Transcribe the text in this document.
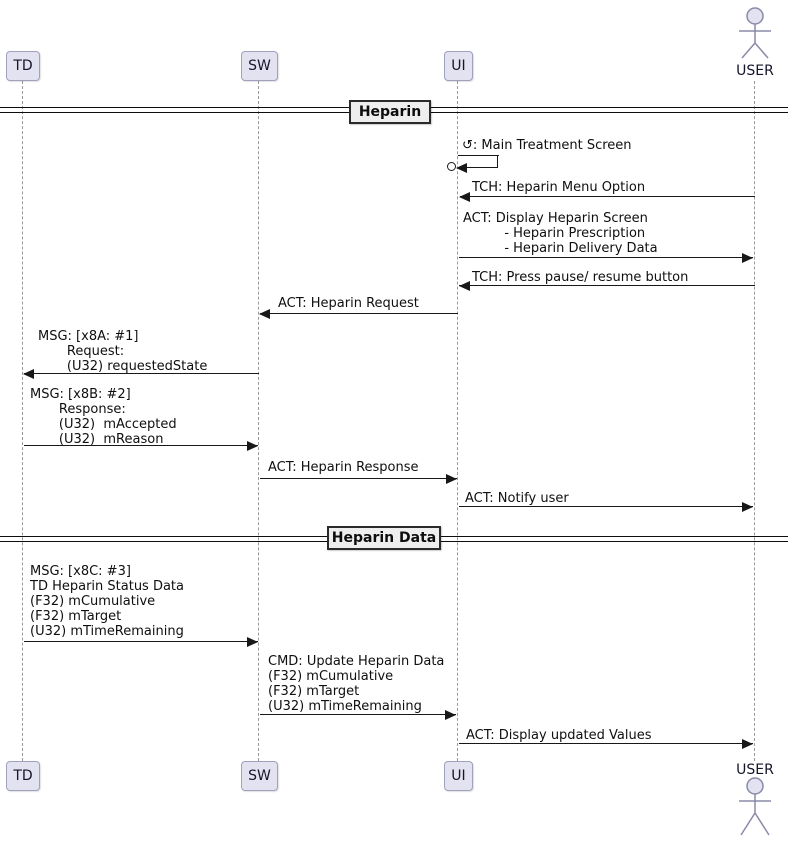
USER
TD	SW	UI
Heparin
↺: Main Treatment Screen
TCH: Heparin Menu Option
ACT: Display Heparin Screen
- Heparin Prescription
- Heparin Delivery Data
TCH: Press pause/ resume button
ACT: Heparin Request
MSG: [x8A: #1]
Request:
(U32) requestedState
MSG: [x8B: #2]
Response:
(U32)  mAccepted
(U32)  mReason
ACT: Heparin Response
ACT: Notify user
Heparin Data
MSG: [x8C: #3]
TD Heparin Status Data
(F32) mCumulative
(F32) mTarget
(U32) mTimeRemaining
CMD: Update Heparin Data
(F32) mCumulative
(F32) mTarget
(U32) mTimeRemaining
ACT: Display updated Values
TD	SW	UI	USER
